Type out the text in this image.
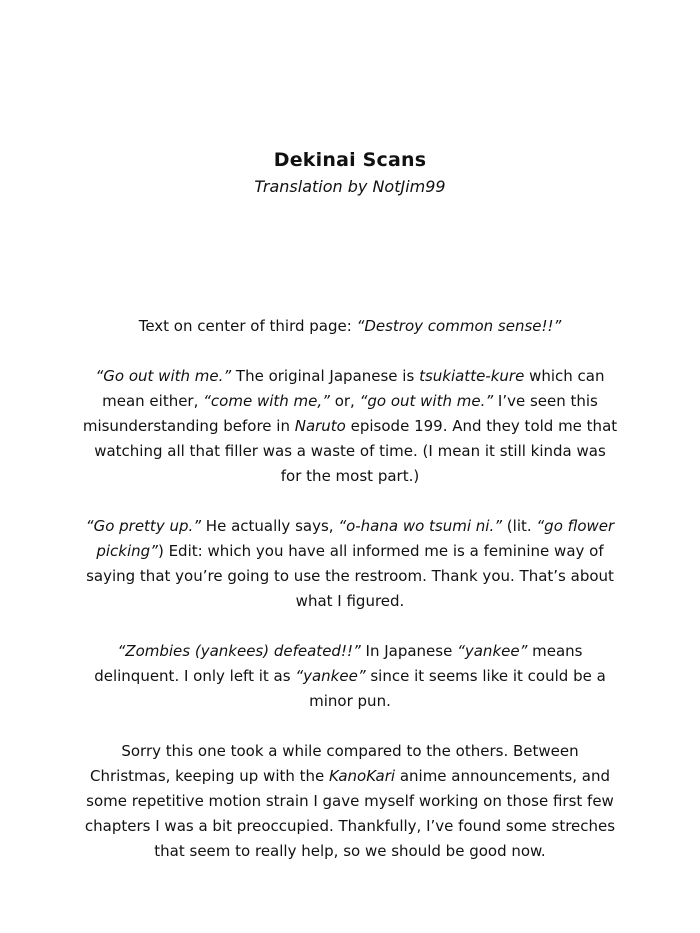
Dekinai Scans
Translation by NotJim99

Text on center of third page: “Destroy common sense!!”

“Go out with me.” The original Japanese is tsukiatte-kure which can mean either, “come with me,” or, “go out with me.” I’ve seen this misunderstanding before in Naruto episode 199. And they told me that watching all that filler was a waste of time. (I mean it still kinda was for the most part.)

“Go pretty up.” He actually says, “o-hana wo tsumi ni.” (lit. “go flower picking”) Edit: which you have all informed me is a feminine way of saying that you’re going to use the restroom. Thank you. That’s about what I figured.

“Zombies (yankees) defeated!!” In Japanese “yankee” means delinquent. I only left it as “yankee” since it seems like it could be a minor pun.

Sorry this one took a while compared to the others. Between Christmas, keeping up with the KanoKari anime announcements, and some repetitive motion strain I gave myself working on those first few chapters I was a bit preoccupied. Thankfully, I’ve found some streches that seem to really help, so we should be good now.
